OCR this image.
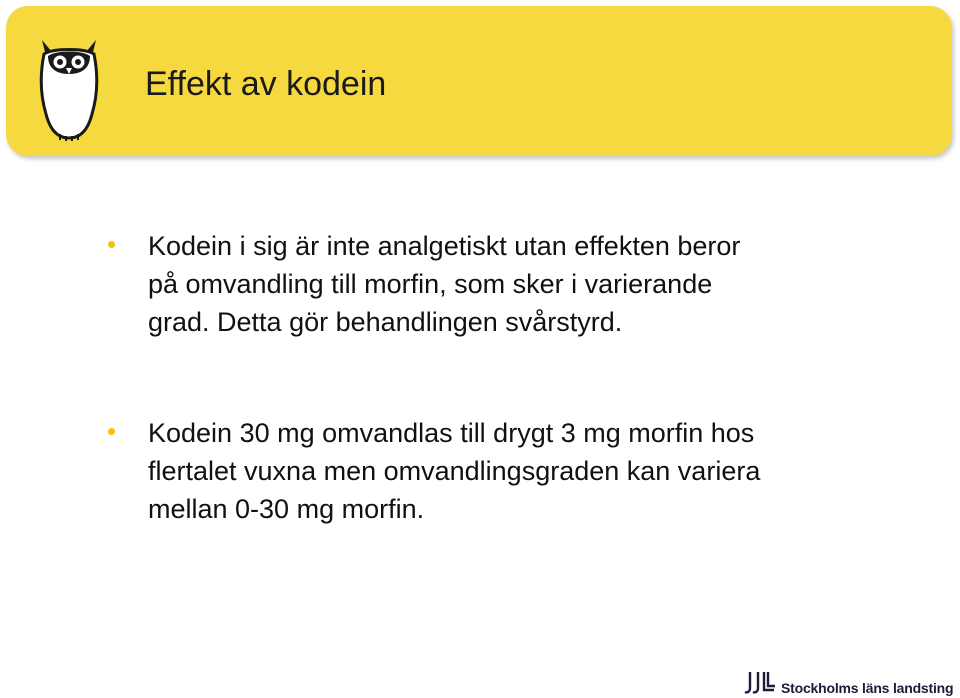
Effekt av kodein
Kodein i sig är inte analgetiskt utan effekten beror
på omvandling till morfin, som sker i varierande
grad. Detta gör behandlingen svårstyrd.
Kodein 30 mg omvandlas till drygt 3 mg morfin hos
flertalet vuxna men omvandlingsgraden kan variera
mellan 0-30 mg morfin.
Stockholms läns landsting
